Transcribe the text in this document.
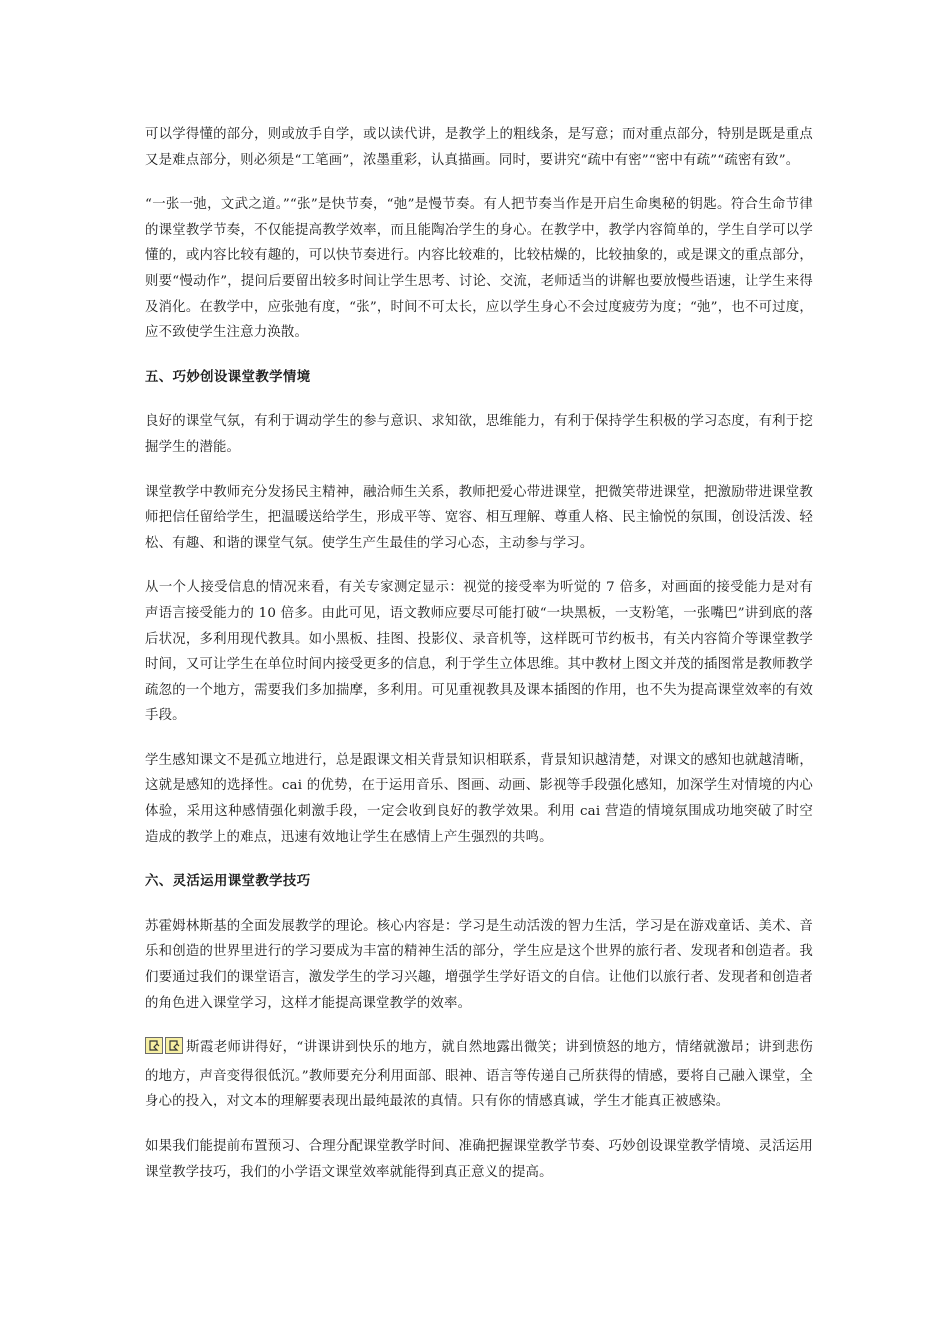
可以学得懂的部分，则或放手自学，或以读代讲，是教学上的粗线条，是写意；而对重点部分，特别是既是重点又是难点部分，则必须是“工笔画”，浓墨重彩，认真描画。同时，要讲究“疏中有密”“密中有疏”“疏密有致”。

“一张一弛，文武之道。”“张”是快节奏，“弛”是慢节奏。有人把节奏当作是开启生命奥秘的钥匙。符合生命节律的课堂教学节奏，不仅能提高教学效率，而且能陶冶学生的身心。在教学中，教学内容简单的，学生自学可以学懂的，或内容比较有趣的，可以快节奏进行。内容比较难的，比较枯燥的，比较抽象的，或是课文的重点部分，则要“慢动作”，提问后要留出较多时间让学生思考、讨论、交流，老师适当的讲解也要放慢些语速，让学生来得及消化。在教学中，应张弛有度，“张”，时间不可太长，应以学生身心不会过度疲劳为度；“弛”，也不可过度，应不致使学生注意力涣散。

五、巧妙创设课堂教学情境

良好的课堂气氛，有利于调动学生的参与意识、求知欲，思维能力，有利于保持学生积极的学习态度，有利于挖掘学生的潜能。

课堂教学中教师充分发扬民主精神，融洽师生关系，教师把爱心带进课堂，把微笑带进课堂，把激励带进课堂教师把信任留给学生，把温暖送给学生，形成平等、宽容、相互理解、尊重人格、民主愉悦的氛围，创设活泼、轻松、有趣、和谐的课堂气氛。使学生产生最佳的学习心态，主动参与学习。

从一个人接受信息的情况来看，有关专家测定显示：视觉的接受率为听觉的 7 倍多，对画面的接受能力是对有声语言接受能力的 10 倍多。由此可见，语文教师应要尽可能打破“一块黑板，一支粉笔，一张嘴巴”讲到底的落后状况，多利用现代教具。如小黑板、挂图、投影仪、录音机等，这样既可节约板书，有关内容简介等课堂教学时间，又可让学生在单位时间内接受更多的信息，利于学生立体思维。其中教材上图文并茂的插图常是教师教学疏忽的一个地方，需要我们多加揣摩，多利用。可见重视教具及课本插图的作用，也不失为提高课堂效率的有效手段。

学生感知课文不是孤立地进行，总是跟课文相关背景知识相联系，背景知识越清楚，对课文的感知也就越清晰，这就是感知的选择性。cai 的优势，在于运用音乐、图画、动画、影视等手段强化感知，加深学生对情境的内心体验，采用这种感情强化刺激手段，一定会收到良好的教学效果。利用 cai 营造的情境氛围成功地突破了时空造成的教学上的难点，迅速有效地让学生在感情上产生强烈的共鸣。

六、灵活运用课堂教学技巧

苏霍姆林斯基的全面发展教学的理论。核心内容是：学习是生动活泼的智力生活，学习是在游戏童话、美术、音乐和创造的世界里进行的学习要成为丰富的精神生活的部分，学生应是这个世界的旅行者、发现者和创造者。我们要通过我们的课堂语言，激发学生的学习兴趣，增强学生学好语文的自信。让他们以旅行者、发现者和创造者的角色进入课堂学习，这样才能提高课堂教学的效率。

斯霞老师讲得好，“讲课讲到快乐的地方，就自然地露出微笑；讲到愤怒的地方，情绪就激昂；讲到悲伤的地方，声音变得很低沉。”教师要充分利用面部、眼神、语言等传递自己所获得的情感，要将自己融入课堂，全身心的投入，对文本的理解要表现出最纯最浓的真情。只有你的情感真诚，学生才能真正被感染。

如果我们能提前布置预习、合理分配课堂教学时间、准确把握课堂教学节奏、巧妙创设课堂教学情境、灵活运用课堂教学技巧，我们的小学语文课堂效率就能得到真正意义的提高。
